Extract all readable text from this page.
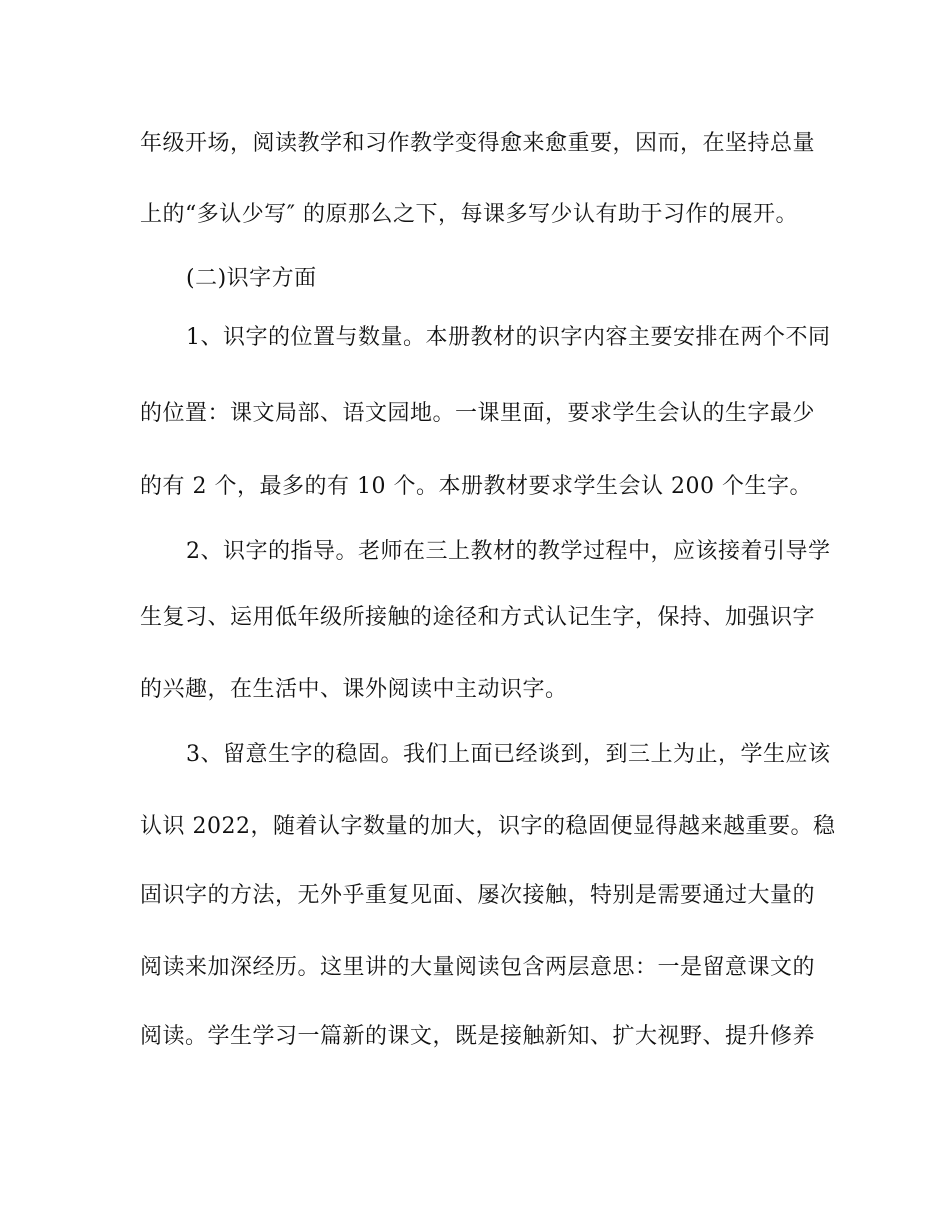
年级开场，阅读教学和习作教学变得愈来愈重要，因而，在坚持总量
上的“多认少写″ 的原那么之下，每课多写少认有助于习作的展开。
(二)识字方面
1、识字的位置与数量。本册教材的识字内容主要安排在两个不同
的位置：课文局部、语文园地。一课里面，要求学生会认的生字最少
的有 2 个，最多的有 10 个。本册教材要求学生会认 200 个生字。
2、识字的指导。老师在三上教材的教学过程中，应该接着引导学
生复习、运用低年级所接触的途径和方式认记生字，保持、加强识字
的兴趣，在生活中、课外阅读中主动识字。
3、留意生字的稳固。我们上面已经谈到，到三上为止，学生应该
认识 2022，随着认字数量的加大，识字的稳固便显得越来越重要。稳
固识字的方法，无外乎重复见面、屡次接触，特别是需要通过大量的
阅读来加深经历。这里讲的大量阅读包含两层意思：一是留意课文的
阅读。学生学习一篇新的课文，既是接触新知、扩大视野、提升修养
